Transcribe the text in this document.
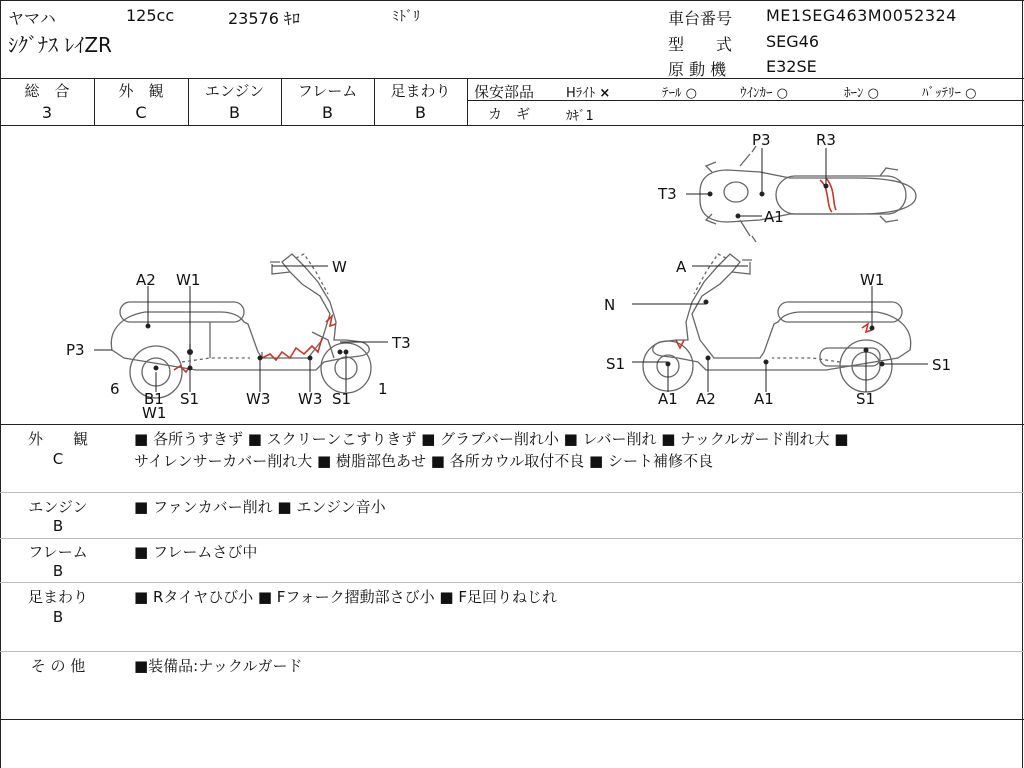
ヤマハ	125cc	23576 ｷﾛ	ﾐﾄﾞﾘ
ｼｸﾞﾅｽ ﾚｲZR
車台番号 ME1SEG463M0052324
型　　式 SEG46
原 動 機 E32SE
総　合	外　観	エンジン	フレーム	足まわり
3	C	B	B	B
保安部品 Hﾗｲﾄ ×	ﾃｰﾙ ○	ｳｲﾝｶｰ ○	ﾎｰﾝ ○	ﾊﾞｯﾃﾘｰ ○
カ　ギ	ｶｷﾞ1
A2 W1
W
P3	T3
6
B1
W1
S1	W3 W3 S1
1
A
W1
N
S1
A1 A2	A1	S1
S1
P3	R3
T3
A1
外　　観
C
■ 各所うすきず ■ スクリーンこすりきず ■ グラブバー削れ小 ■ レバー削れ ■ ナックルガード削れ大 ■
サイレンサーカバー削れ大 ■ 樹脂部色あせ ■ 各所カウル取付不良 ■ シート補修不良
エンジン
B
■ ファンカバー削れ ■ エンジン音小
フレーム
B
■ フレームさび中
足まわり
B
■ Rタイヤひび小 ■ Fフォーク摺動部さび小 ■ F足回りねじれ
そ の 他	■装備品:ナックルガード
